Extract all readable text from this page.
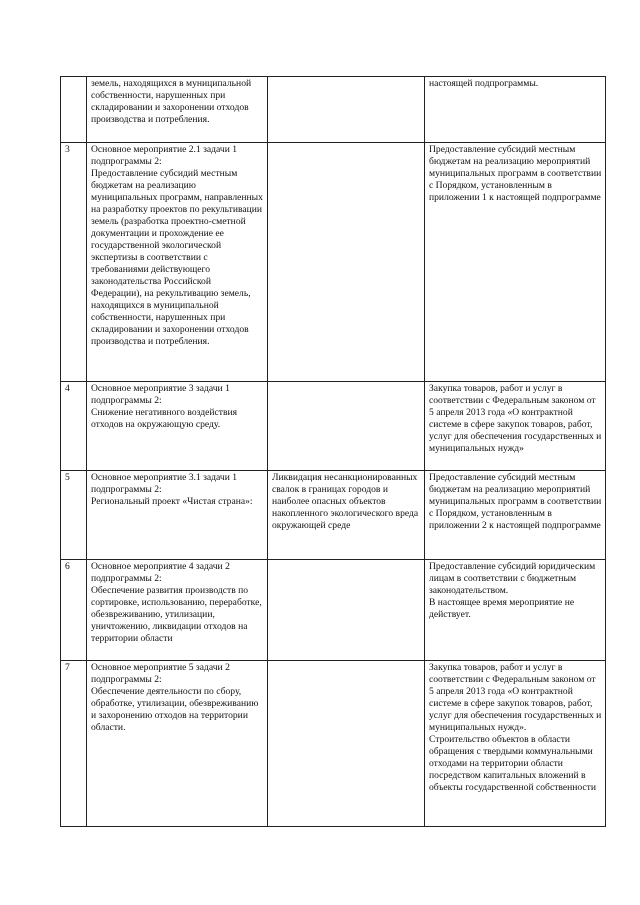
	земель, находящихся в муниципальной собственности, нарушенных при складировании и захоронении отходов производства и потребления.		настоящей подпрограммы.
3	Основное мероприятие 2.1 задачи 1 подпрограммы 2:
Предоставление субсидий местным бюджетам на реализацию муниципальных программ, направленных на разработку проектов по рекультивации земель (разработка проектно-сметной документации и прохождение ее государственной экологической экспертизы в соответствии с требованиями действующего законодательства Российской Федерации), на рекультивацию земель, находящихся в муниципальной собственности, нарушенных при складировании и захоронении отходов производства и потребления.		Предоставление субсидий местным бюджетам на реализацию мероприятий муниципальных программ в соответствии с Порядком, установленным в приложении 1 к настоящей подпрограмме
4	Основное мероприятие 3 задачи 1 подпрограммы 2:
Снижение негативного воздействия отходов на окружающую среду.		Закупка товаров, работ и услуг в соответствии с Федеральным законом от 5 апреля 2013 года «О контрактной системе в сфере закупок товаров, работ, услуг для обеспечения государственных и муниципальных нужд»
5	Основное мероприятие 3.1 задачи 1 подпрограммы 2:
Региональный проект «Чистая страна»:	Ликвидация несанкционированных свалок в границах городов и наиболее опасных объектов накопленного экологического вреда окружающей среде	Предоставление субсидий местным бюджетам на реализацию мероприятий муниципальных программ в соответствии с Порядком, установленным в приложении 2 к настоящей подпрограмме
6	Основное мероприятие 4 задачи 2 подпрограммы 2:
Обеспечение развития производств по сортировке, использованию, переработке, обезвреживанию, утилизации, уничтожению, ликвидации отходов на территории области		Предоставление субсидий юридическим лицам в соответствии с бюджетным законодательством.
В настоящее время мероприятие не действует.
7	Основное мероприятие 5 задачи 2 подпрограммы 2:
Обеспечение деятельности по сбору, обработке, утилизации, обезвреживанию и захоронению отходов на территории области.		Закупка товаров, работ и услуг в соответствии с Федеральным законом от 5 апреля 2013 года «О контрактной системе в сфере закупок товаров, работ, услуг для обеспечения государственных и муниципальных нужд».
Строительство объектов в области обращения с твердыми коммунальными отходами на территории области посредством капитальных вложений в объекты государственной собственности
